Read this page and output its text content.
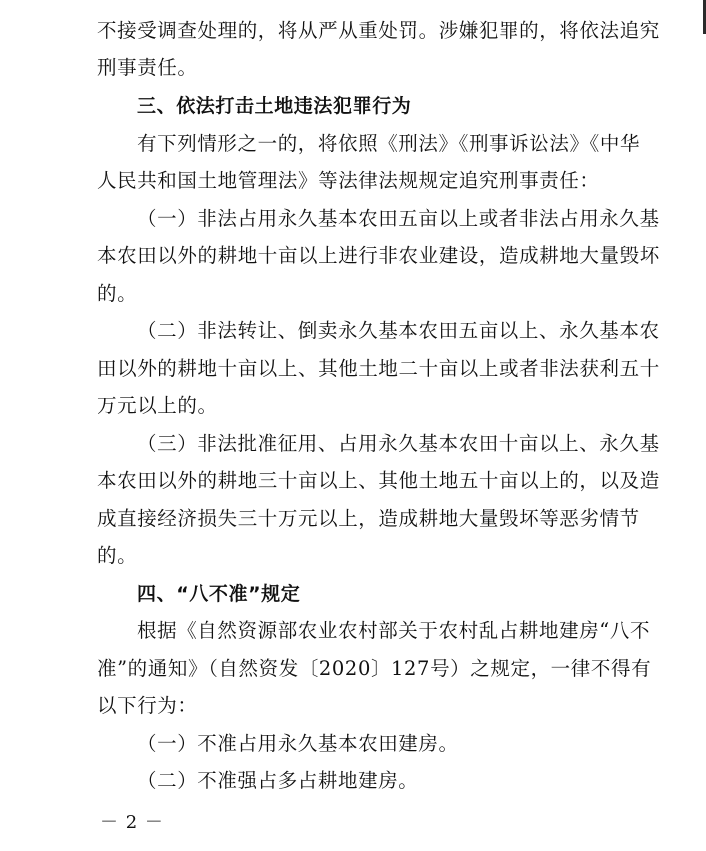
不接受调查处理的，将从严从重处罚。涉嫌犯罪的，将依法追究
刑事责任。
三、依法打击土地违法犯罪行为
有下列情形之一的，将依照《刑法》《刑事诉讼法》《中华
人民共和国土地管理法》等法律法规规定追究刑事责任：
（一）非法占用永久基本农田五亩以上或者非法占用永久基
本农田以外的耕地十亩以上进行非农业建设，造成耕地大量毁坏
的。
（二）非法转让、倒卖永久基本农田五亩以上、永久基本农
田以外的耕地十亩以上、其他土地二十亩以上或者非法获利五十
万元以上的。
（三）非法批准征用、占用永久基本农田十亩以上、永久基
本农田以外的耕地三十亩以上、其他土地五十亩以上的，以及造
成直接经济损失三十万元以上，造成耕地大量毁坏等恶劣情节
的。
四、“八不准”规定
根据《自然资源部农业农村部关于农村乱占耕地建房“八不
准”的通知》（自然资发〔2020〕127号）之规定，一律不得有
以下行为：
（一）不准占用永久基本农田建房。
（二）不准强占多占耕地建房。
－ 2 －
